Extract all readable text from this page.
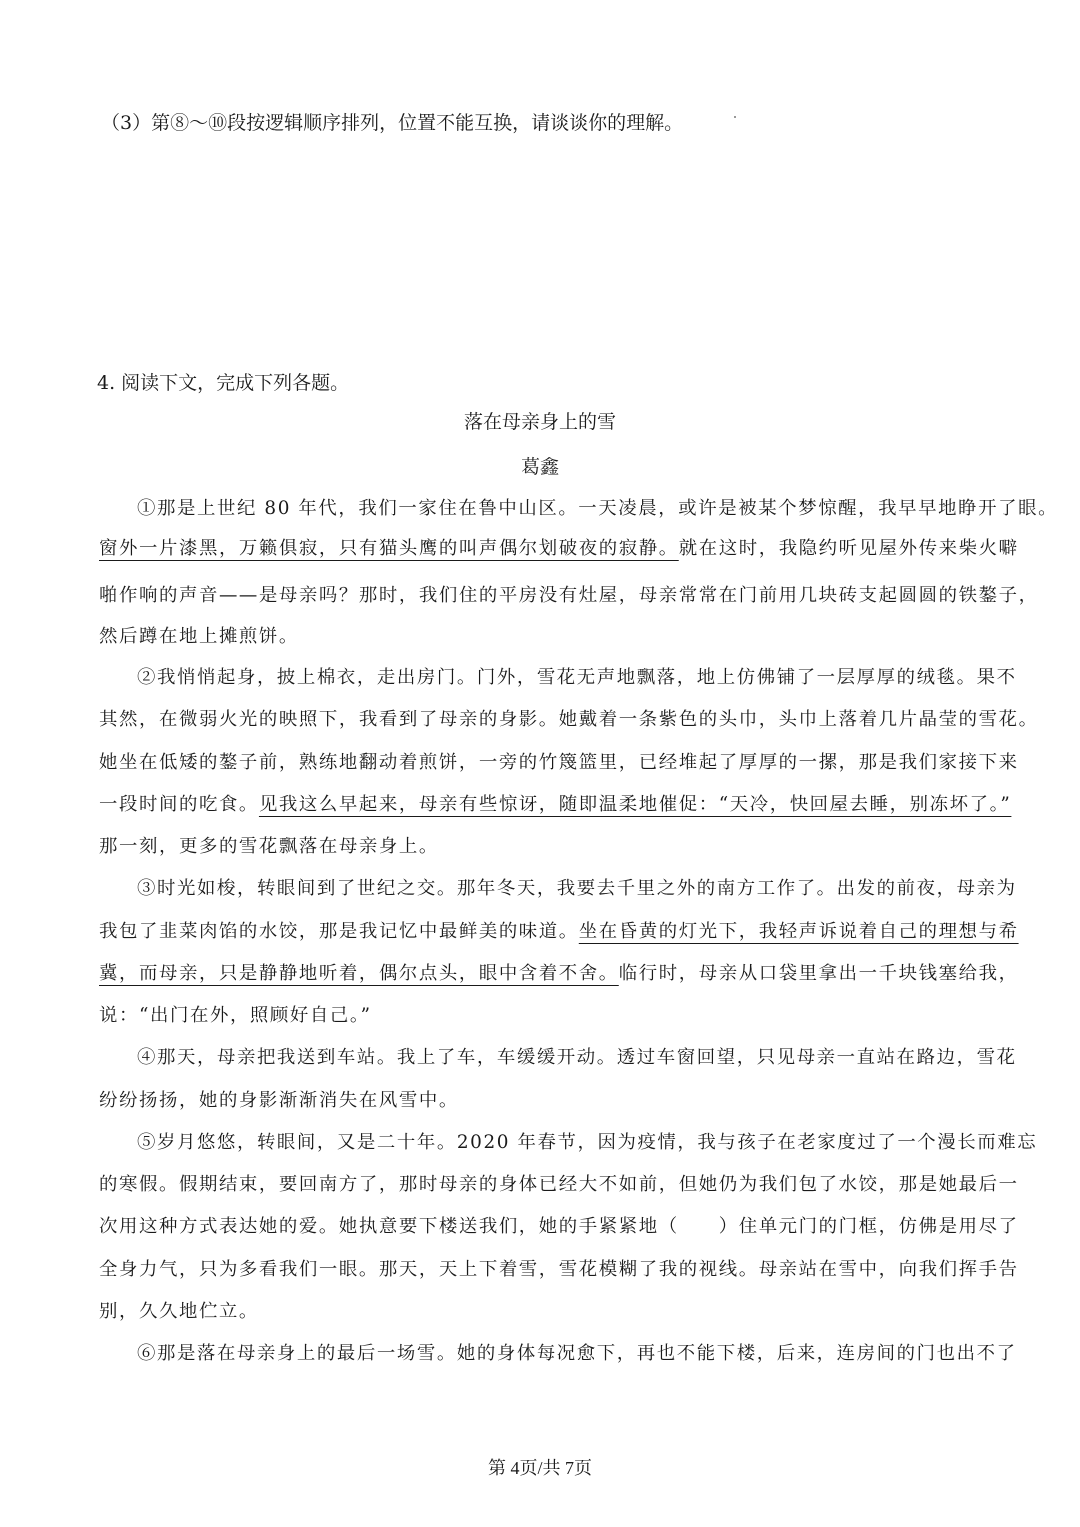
（3）第⑧～⑩段按逻辑顺序排列，位置不能互换，请谈谈你的理解。
4. 阅读下文，完成下列各题。
落在母亲身上的雪
葛鑫
①那是上世纪 80 年代，我们一家住在鲁中山区。一天凌晨，或许是被某个梦惊醒，我早早地睁开了眼。
窗外一片漆黑，万籁俱寂，只有猫头鹰的叫声偶尔划破夜的寂静。就在这时，我隐约听见屋外传来柴火噼
啪作响的声音——是母亲吗？那时，我们住的平房没有灶屋，母亲常常在门前用几块砖支起圆圆的铁鏊子，
然后蹲在地上摊煎饼。
②我悄悄起身，披上棉衣，走出房门。门外，雪花无声地飘落，地上仿佛铺了一层厚厚的绒毯。果不
其然，在微弱火光的映照下，我看到了母亲的身影。她戴着一条紫色的头巾，头巾上落着几片晶莹的雪花。
她坐在低矮的鏊子前，熟练地翻动着煎饼，一旁的竹篾篮里，已经堆起了厚厚的一摞，那是我们家接下来
一段时间的吃食。见我这么早起来，母亲有些惊讶，随即温柔地催促：“天冷，快回屋去睡，别冻坏了。”
那一刻，更多的雪花飘落在母亲身上。
③时光如梭，转眼间到了世纪之交。那年冬天，我要去千里之外的南方工作了。出发的前夜，母亲为
我包了韭菜肉馅的水饺，那是我记忆中最鲜美的味道。坐在昏黄的灯光下，我轻声诉说着自己的理想与希
冀，而母亲，只是静静地听着，偶尔点头，眼中含着不舍。临行时，母亲从口袋里拿出一千块钱塞给我，
说：“出门在外，照顾好自己。”
④那天，母亲把我送到车站。我上了车，车缓缓开动。透过车窗回望，只见母亲一直站在路边，雪花
纷纷扬扬，她的身影渐渐消失在风雪中。
⑤岁月悠悠，转眼间，又是二十年。2020 年春节，因为疫情，我与孩子在老家度过了一个漫长而难忘
的寒假。假期结束，要回南方了，那时母亲的身体已经大不如前，但她仍为我们包了水饺，那是她最后一
次用这种方式表达她的爱。她执意要下楼送我们，她的手紧紧地（　　）住单元门的门框，仿佛是用尽了
全身力气，只为多看我们一眼。那天，天上下着雪，雪花模糊了我的视线。母亲站在雪中，向我们挥手告
别，久久地伫立。
⑥那是落在母亲身上的最后一场雪。她的身体每况愈下，再也不能下楼，后来，连房间的门也出不了
第 4页/共 7页
